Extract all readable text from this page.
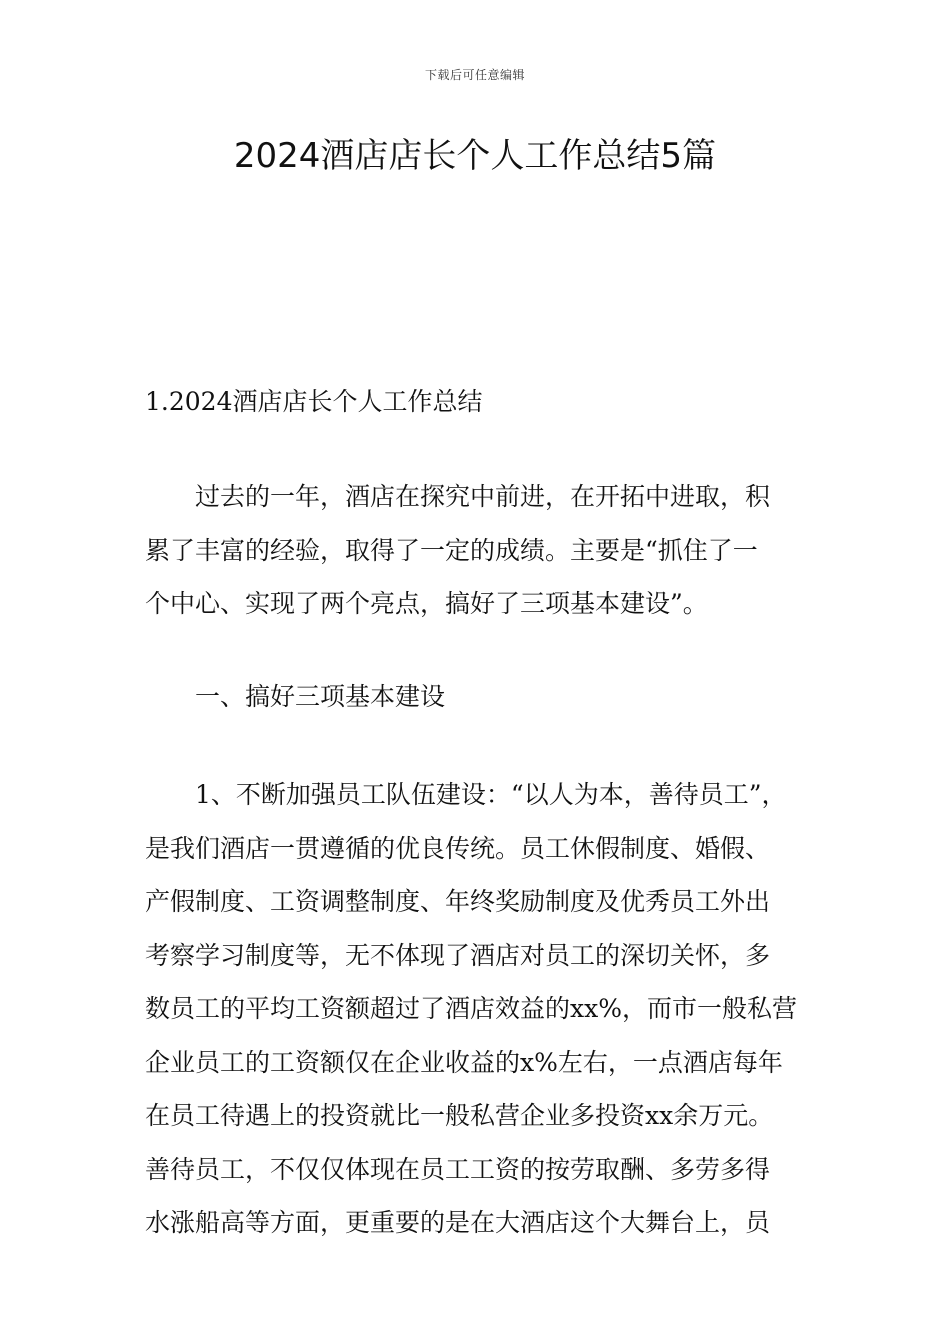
下载后可任意编辑
2024酒店店长个人工作总结5篇
1.2024酒店店长个人工作总结
过去的一年，酒店在探究中前进，在开拓中进取，积
累了丰富的经验，取得了一定的成绩。主要是“抓住了一
个中心、实现了两个亮点，搞好了三项基本建设”。
一、搞好三项基本建设
1、不断加强员工队伍建设：“以人为本，善待员工”，
是我们酒店一贯遵循的优良传统。员工休假制度、婚假、
产假制度、工资调整制度、年终奖励制度及优秀员工外出
考察学习制度等，无不体现了酒店对员工的深切关怀，多
数员工的平均工资额超过了酒店效益的xx%，而市一般私营
企业员工的工资额仅在企业收益的x%左右，一点酒店每年
在员工待遇上的投资就比一般私营企业多投资xx余万元。
善待员工，不仅仅体现在员工工资的按劳取酬、多劳多得
水涨船高等方面，更重要的是在大酒店这个大舞台上，员
